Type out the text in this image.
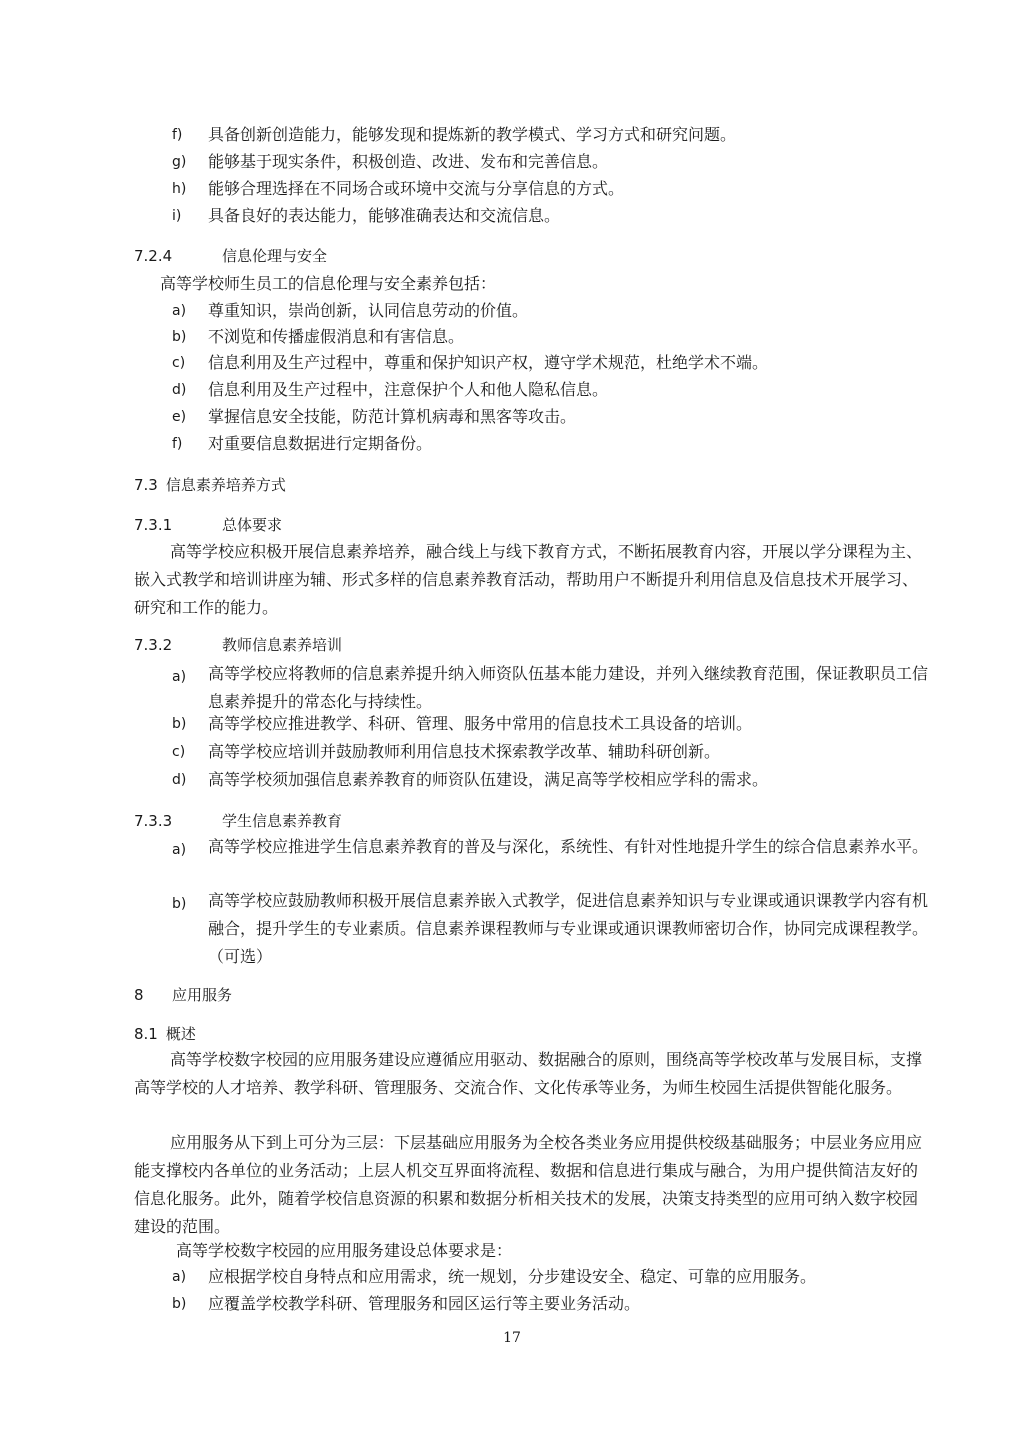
f)	具备创新创造能力，能够发现和提炼新的教学模式、学习方式和研究问题。
g)	能够基于现实条件，积极创造、改进、发布和完善信息。
h)	能够合理选择在不同场合或环境中交流与分享信息的方式。
i)	具备良好的表达能力，能够准确表达和交流信息。
7.2.4	信息伦理与安全
高等学校师生员工的信息伦理与安全素养包括：
a)	尊重知识，崇尚创新，认同信息劳动的价值。
b)	不浏览和传播虚假消息和有害信息。
c)	信息利用及生产过程中，尊重和保护知识产权，遵守学术规范，杜绝学术不端。
d)	信息利用及生产过程中，注意保护个人和他人隐私信息。
e)	掌握信息安全技能，防范计算机病毒和黑客等攻击。
f)	对重要信息数据进行定期备份。
7.3 信息素养培养方式
7.3.1	总体要求
高等学校应积极开展信息素养培养，融合线上与线下教育方式，不断拓展教育内容，开展以学分课程为主、嵌入式教学和培训讲座为辅、形式多样的信息素养教育活动，帮助用户不断提升利用信息及信息技术开展学习、研究和工作的能力。
7.3.2	教师信息素养培训
a)	高等学校应将教师的信息素养提升纳入师资队伍基本能力建设，并列入继续教育范围，保证教职员工信息素养提升的常态化与持续性。
b)	高等学校应推进教学、科研、管理、服务中常用的信息技术工具设备的培训。
c)	高等学校应培训并鼓励教师利用信息技术探索教学改革、辅助科研创新。
d)	高等学校须加强信息素养教育的师资队伍建设，满足高等学校相应学科的需求。
7.3.3	学生信息素养教育
a)	高等学校应推进学生信息素养教育的普及与深化，系统性、有针对性地提升学生的综合信息素养水平。
b)	高等学校应鼓励教师积极开展信息素养嵌入式教学，促进信息素养知识与专业课或通识课教学内容有机融合，提升学生的专业素质。信息素养课程教师与专业课或通识课教师密切合作，协同完成课程教学。（可选）
8 应用服务
8.1 概述
高等学校数字校园的应用服务建设应遵循应用驱动、数据融合的原则，围绕高等学校改革与发展目标，支撑高等学校的人才培养、教学科研、管理服务、交流合作、文化传承等业务，为师生校园生活提供智能化服务。
应用服务从下到上可分为三层：下层基础应用服务为全校各类业务应用提供校级基础服务；中层业务应用应能支撑校内各单位的业务活动；上层人机交互界面将流程、数据和信息进行集成与融合，为用户提供简洁友好的信息化服务。此外，随着学校信息资源的积累和数据分析相关技术的发展，决策支持类型的应用可纳入数字校园建设的范围。
高等学校数字校园的应用服务建设总体要求是：
a)	应根据学校自身特点和应用需求，统一规划，分步建设安全、稳定、可靠的应用服务。
b)	应覆盖学校教学科研、管理服务和园区运行等主要业务活动。
17
